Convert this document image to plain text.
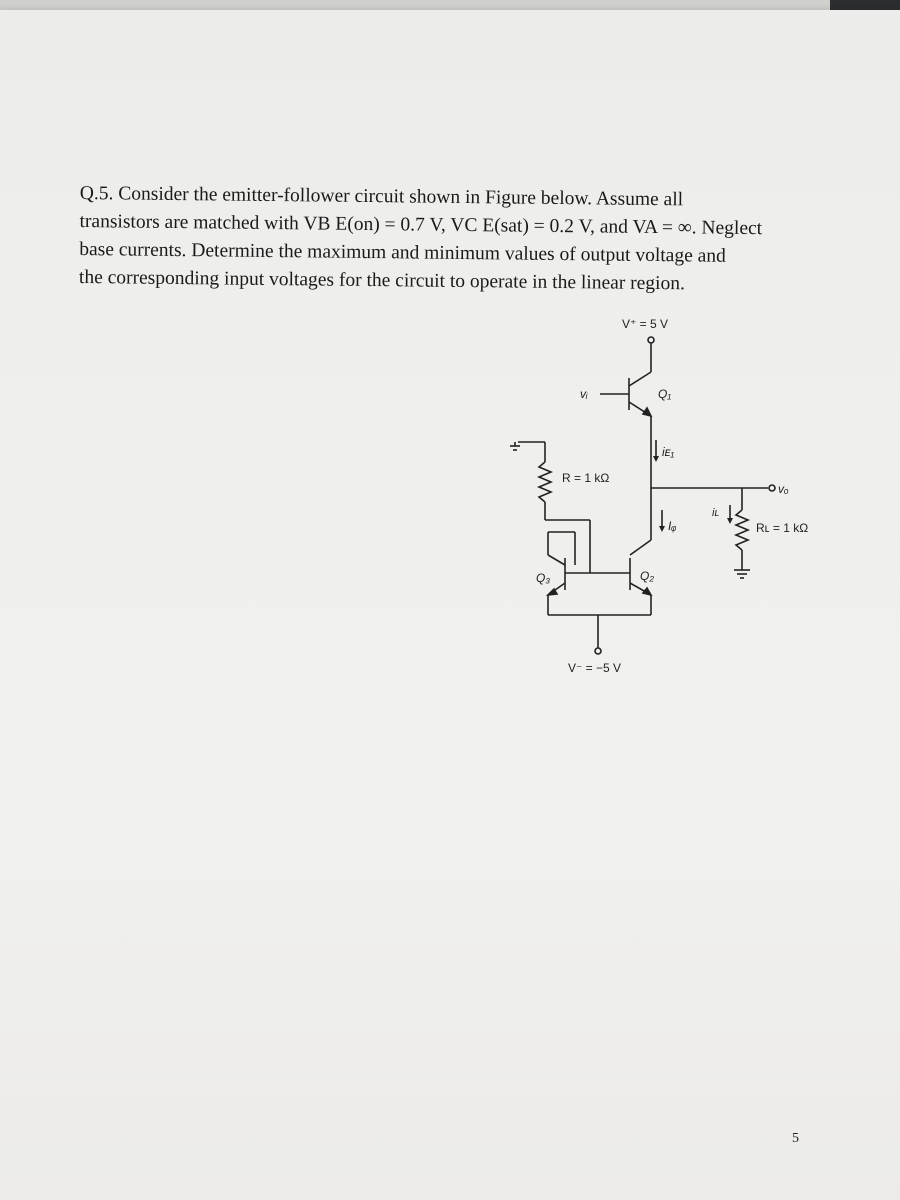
Q.5. Consider the emitter-follower circuit shown in Figure below. Assume all
transistors are matched with VB E(on) = 0.7 V, VC E(sat) = 0.2 V, and VA = ∞. Neglect
base currents. Determine the maximum and minimum values of output voltage and
the corresponding input voltages for the circuit to operate in the linear region.
V⁺ = 5 V
vᵢ	Q₁
iᴇ₁
vₒ
Rʟ = 1 kΩ
iʟ
Iᵩ
R = 1 kΩ
Q₃	Q₂
V⁻ = −5 V
5
